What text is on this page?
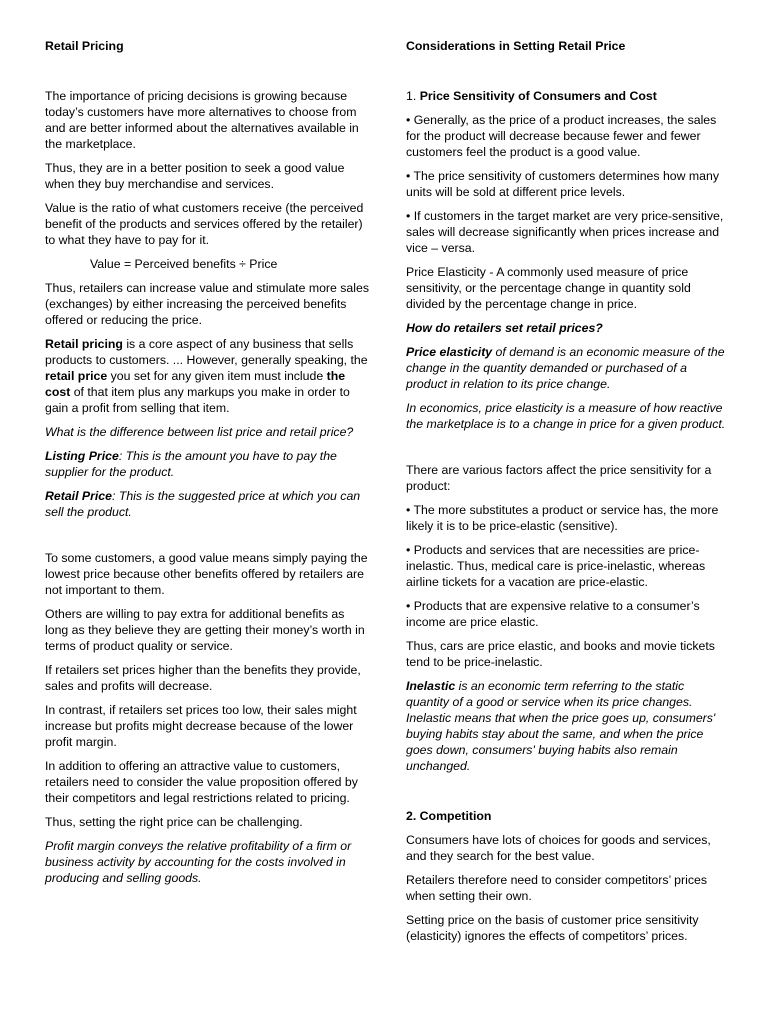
Retail Pricing

The importance of pricing decisions is growing because today’s customers have more alternatives to choose from and are better informed about the alternatives available in the marketplace.

Thus, they are in a better position to seek a good value when they buy merchandise and services.

Value is the ratio of what customers receive (the perceived benefit of the products and services offered by the retailer) to what they have to pay for it.

Value = Perceived benefits ÷ Price

Thus, retailers can increase value and stimulate more sales (exchanges) by either increasing the perceived benefits offered or reducing the price.

Retail pricing is a core aspect of any business that sells products to customers. ... However, generally speaking, the retail price you set for any given item must include the cost of that item plus any markups you make in order to gain a profit from selling that item.

What is the difference between list price and retail price?

Listing Price: This is the amount you have to pay the supplier for the product.

Retail Price: This is the suggested price at which you can sell the product.

To some customers, a good value means simply paying the lowest price because other benefits offered by retailers are not important to them.

Others are willing to pay extra for additional benefits as long as they believe they are getting their money’s worth in terms of product quality or service.

If retailers set prices higher than the benefits they provide, sales and profits will decrease.

In contrast, if retailers set prices too low, their sales might increase but profits might decrease because of the lower profit margin.

In addition to offering an attractive value to customers, retailers need to consider the value proposition offered by their competitors and legal restrictions related to pricing.

Thus, setting the right price can be challenging.

Profit margin conveys the relative profitability of a firm or business activity by accounting for the costs involved in producing and selling goods.

Considerations in Setting Retail Price

1. Price Sensitivity of Consumers and Cost

• Generally, as the price of a product increases, the sales for the product will decrease because fewer and fewer customers feel the product is a good value.

• The price sensitivity of customers determines how many units will be sold at different price levels.

• If customers in the target market are very price-sensitive, sales will decrease significantly when prices increase and vice – versa.

Price Elasticity - A commonly used measure of price sensitivity, or the percentage change in quantity sold divided by the percentage change in price.

How do retailers set retail prices?

Price elasticity of demand is an economic measure of the change in the quantity demanded or purchased of a product in relation to its price change.

In economics, price elasticity is a measure of how reactive the marketplace is to a change in price for a given product.

There are various factors affect the price sensitivity for a product:

• The more substitutes a product or service has, the more likely it is to be price-elastic (sensitive).

• Products and services that are necessities are price-inelastic. Thus, medical care is price-inelastic, whereas airline tickets for a vacation are price-elastic.

• Products that are expensive relative to a consumer’s income are price elastic.

Thus, cars are price elastic, and books and movie tickets tend to be price-inelastic.

Inelastic is an economic term referring to the static quantity of a good or service when its price changes. Inelastic means that when the price goes up, consumers' buying habits stay about the same, and when the price goes down, consumers' buying habits also remain unchanged.

2. Competition

Consumers have lots of choices for goods and services, and they search for the best value.

Retailers therefore need to consider competitors’ prices when setting their own.

Setting price on the basis of customer price sensitivity (elasticity) ignores the effects of competitors’ prices.
